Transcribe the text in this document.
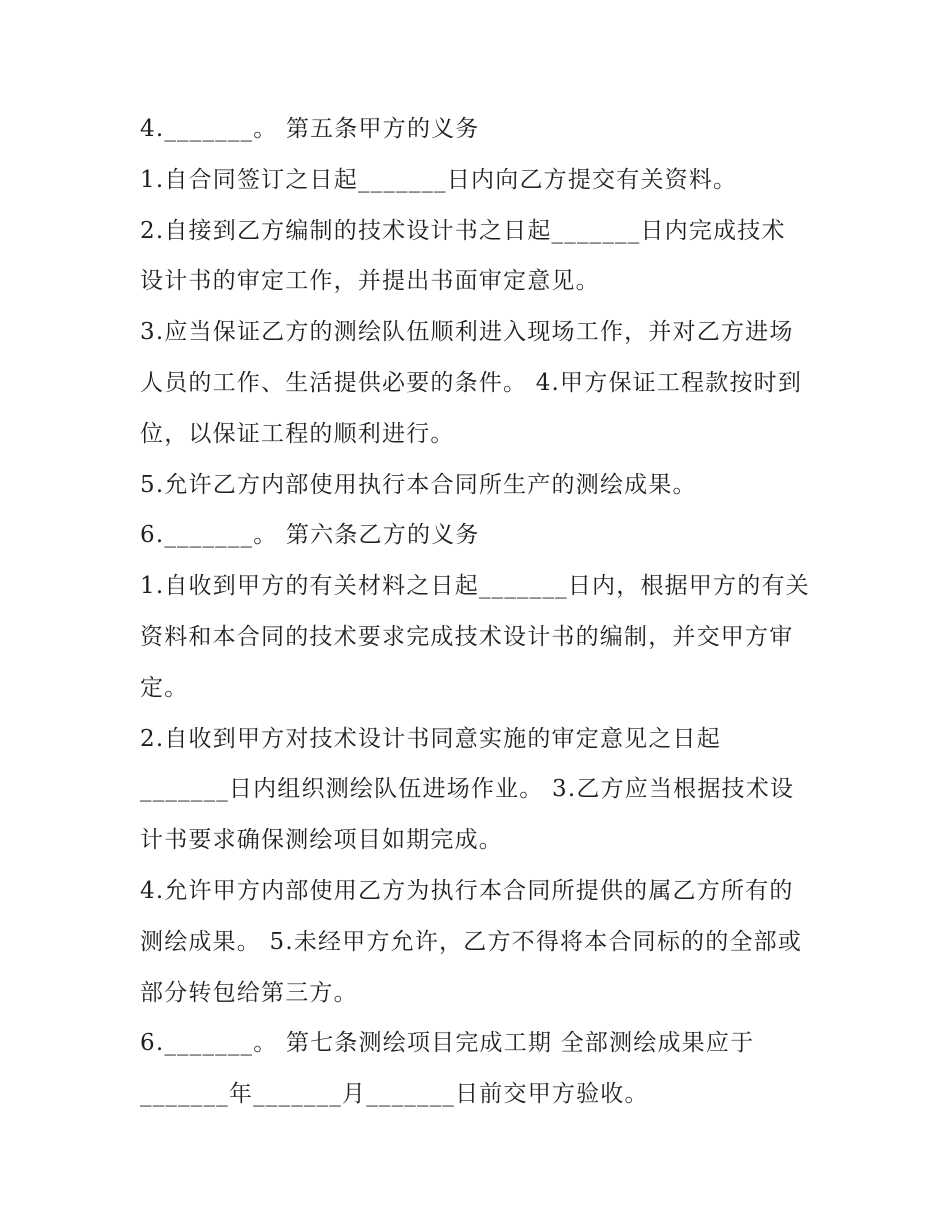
4._______。 第五条甲方的义务
1.自合同签订之日起_______日内向乙方提交有关资料。
2.自接到乙方编制的技术设计书之日起_______日内完成技术
设计书的审定工作，并提出书面审定意见。
3.应当保证乙方的测绘队伍顺利进入现场工作，并对乙方进场
人员的工作、生活提供必要的条件。 4.甲方保证工程款按时到
位，以保证工程的顺利进行。
5.允许乙方内部使用执行本合同所生产的测绘成果。
6._______。 第六条乙方的义务
1.自收到甲方的有关材料之日起_______日内，根据甲方的有关
资料和本合同的技术要求完成技术设计书的编制，并交甲方审
定。
2.自收到甲方对技术设计书同意实施的审定意见之日起
_______日内组织测绘队伍进场作业。 3.乙方应当根据技术设
计书要求确保测绘项目如期完成。
4.允许甲方内部使用乙方为执行本合同所提供的属乙方所有的
测绘成果。 5.未经甲方允许，乙方不得将本合同标的的全部或
部分转包给第三方。
6._______。 第七条测绘项目完成工期 全部测绘成果应于
_______年_______月_______日前交甲方验收。
